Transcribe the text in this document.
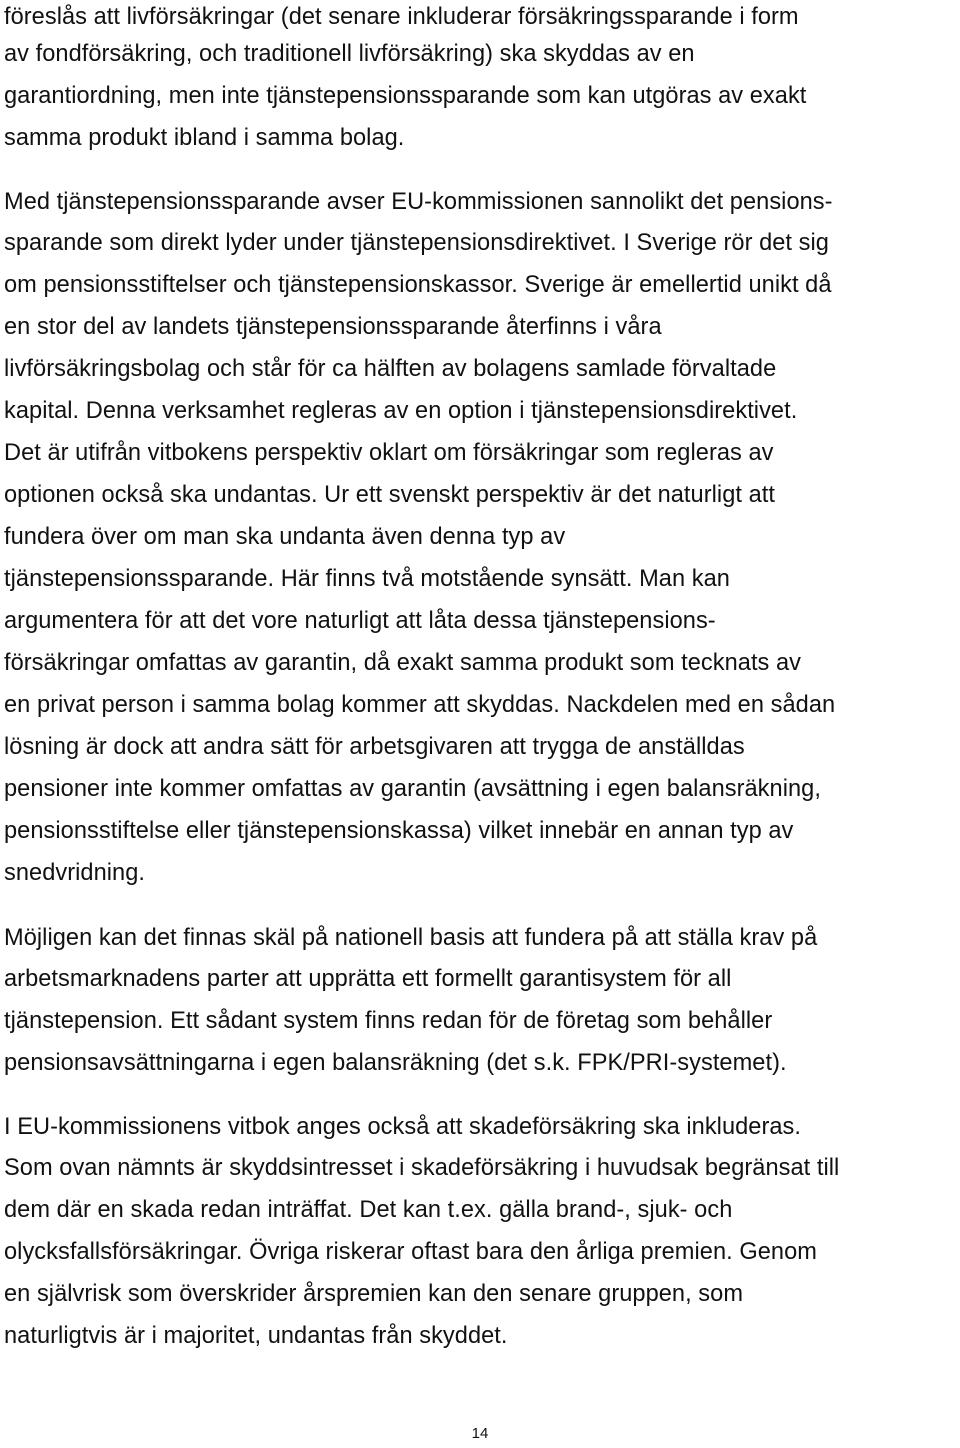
föreslås att livförsäkringar (det senare inkluderar försäkringssparande i form
av fondförsäkring, och traditionell livförsäkring) ska skyddas av en
garantiordning, men inte tjänstepensionssparande som kan utgöras av exakt
samma produkt ibland i samma bolag.
Med tjänstepensionssparande avser EU-kommissionen sannolikt det pensions-
sparande som direkt lyder under tjänstepensionsdirektivet. I Sverige rör det sig
om pensionsstiftelser och tjänstepensionskassor. Sverige är emellertid unikt då
en stor del av landets tjänstepensionssparande återfinns i våra
livförsäkringsbolag och står för ca hälften av bolagens samlade förvaltade
kapital. Denna verksamhet regleras av en option i tjänstepensionsdirektivet.
Det är utifrån vitbokens perspektiv oklart om försäkringar som regleras av
optionen också ska undantas. Ur ett svenskt perspektiv är det naturligt att
fundera över om man ska undanta även denna typ av
tjänstepensionssparande. Här finns två motstående synsätt. Man kan
argumentera för att det vore naturligt att låta dessa tjänstepensions-
försäkringar omfattas av garantin, då exakt samma produkt som tecknats av
en privat person i samma bolag kommer att skyddas. Nackdelen med en sådan
lösning är dock att andra sätt för arbetsgivaren att trygga de anställdas
pensioner inte kommer omfattas av garantin (avsättning i egen balansräkning,
pensionsstiftelse eller tjänstepensionskassa) vilket innebär en annan typ av
snedvridning.
Möjligen kan det finnas skäl på nationell basis att fundera på att ställa krav på
arbetsmarknadens parter att upprätta ett formellt garantisystem för all
tjänstepension. Ett sådant system finns redan för de företag som behåller
pensionsavsättningarna i egen balansräkning (det s.k. FPK/PRI-systemet).
I EU-kommissionens vitbok anges också att skadeförsäkring ska inkluderas.
Som ovan nämnts är skyddsintresset i skadeförsäkring i huvudsak begränsat till
dem där en skada redan inträffat. Det kan t.ex. gälla brand-, sjuk- och
olycksfallsförsäkringar. Övriga riskerar oftast bara den årliga premien. Genom
en självrisk som överskrider årspremien kan den senare gruppen, som
naturligtvis är i majoritet, undantas från skyddet.
14
